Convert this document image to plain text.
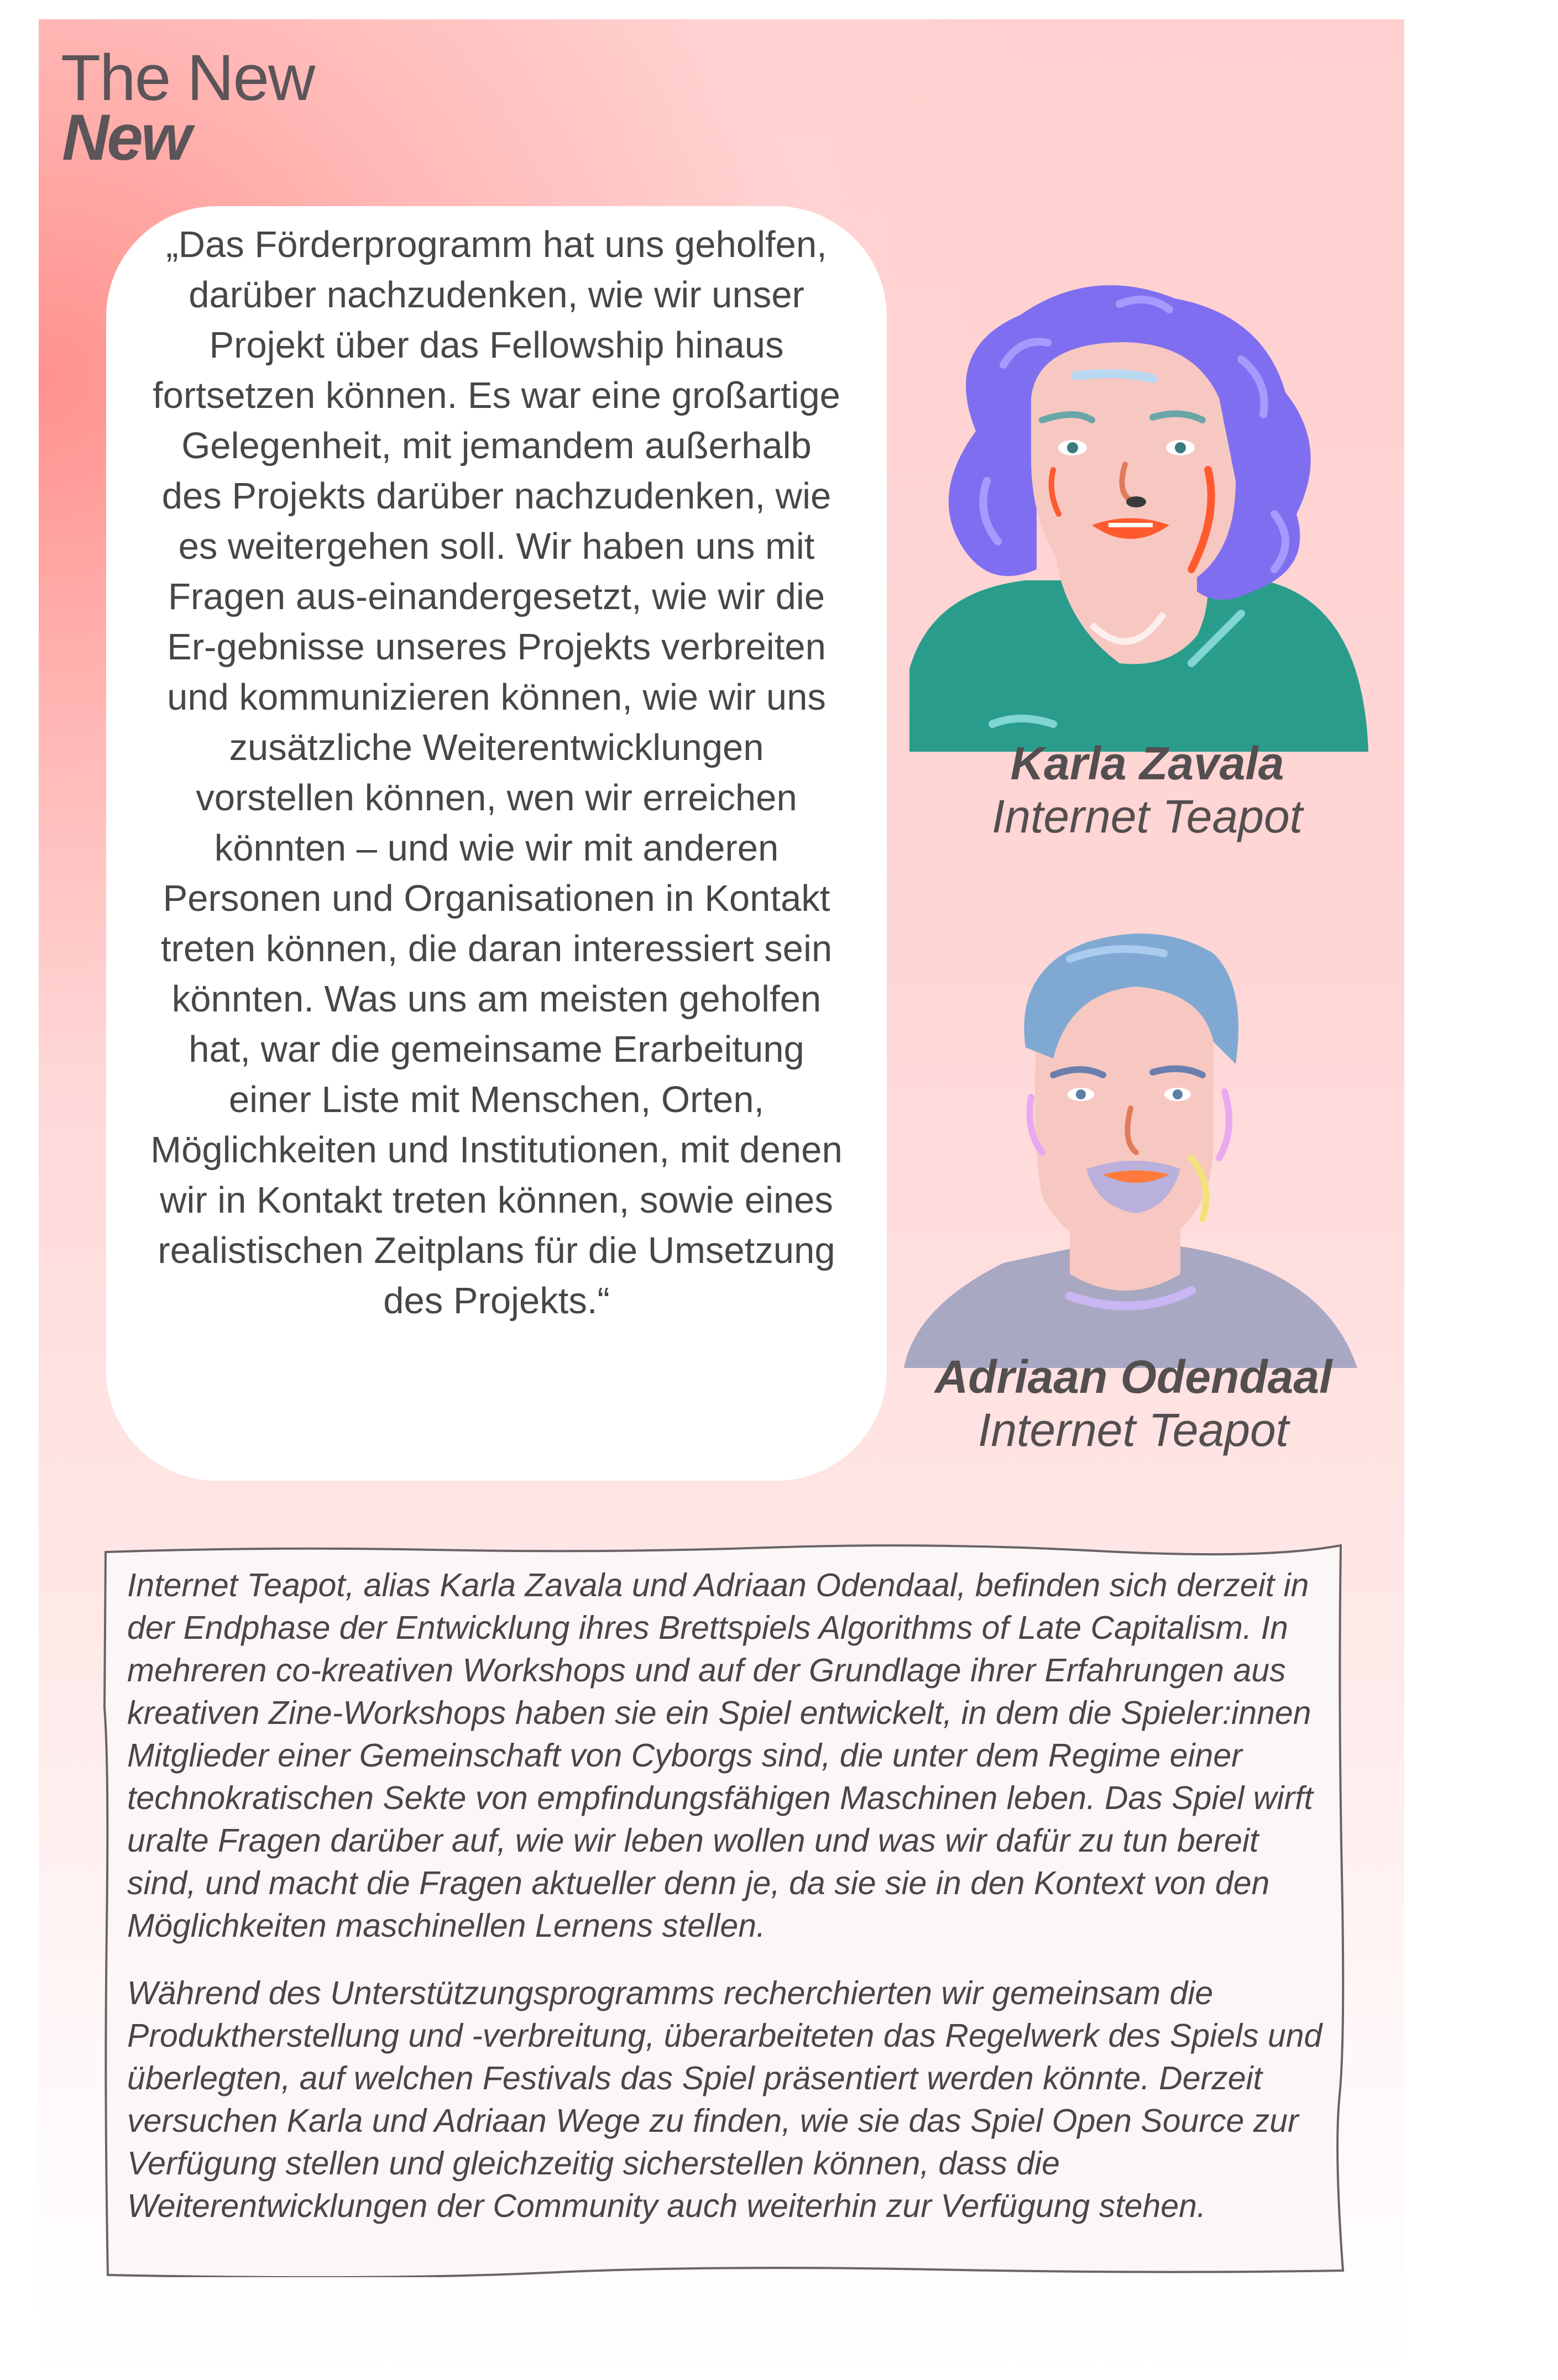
The New
New
„Das Förderprogramm hat uns geholfen, darüber nachzudenken, wie wir unser Projekt über das Fellowship hinaus fortsetzen können. Es war eine großartige Gelegenheit, mit jemandem außerhalb des Projekts darüber nachzudenken, wie es weitergehen soll. Wir haben uns mit Fragen aus-einandergesetzt, wie wir die Er-gebnisse unseres Projekts verbreiten und kommunizieren können, wie wir uns zusätzliche Weiterentwicklungen vorstellen können, wen wir erreichen könnten – und wie wir mit anderen Personen und Organisationen in Kontakt treten können, die daran interessiert sein könnten. Was uns am meisten geholfen hat, war die gemeinsame Erarbeitung einer Liste mit Menschen, Orten, Möglichkeiten und Institutionen, mit denen wir in Kontakt treten können, sowie eines realistischen Zeitplans für die Umsetzung des Projekts.“
Karla Zavala
Internet Teapot
Adriaan Odendaal
Internet Teapot

Internet Teapot, alias Karla Zavala und Adriaan Odendaal, befinden sich derzeit in der Endphase der Entwicklung ihres Brettspiels Algorithms of Late Capitalism. In mehreren co-kreativen Workshops und auf der Grundlage ihrer Erfahrungen aus kreativen Zine-Workshops haben sie ein Spiel entwickelt, in dem die Spieler:innen Mitglieder einer Gemeinschaft von Cyborgs sind, die unter dem Regime einer technokratischen Sekte von empfindungsfähigen Maschinen leben. Das Spiel wirft uralte Fragen darüber auf, wie wir leben wollen und was wir dafür zu tun bereit sind, und macht die Fragen aktueller denn je, da sie sie in den Kontext von den Möglichkeiten maschinellen Lernens stellen.

Während des Unterstützungsprogramms recherchierten wir gemeinsam die Produktherstellung und -verbreitung, überarbeiteten das Regelwerk des Spiels und überlegten, auf welchen Festivals das Spiel präsentiert werden könnte. Derzeit versuchen Karla und Adriaan Wege zu finden, wie sie das Spiel Open Source zur Verfügung stellen und gleichzeitig sicherstellen können, dass die Weiterentwicklungen der Community auch weiterhin zur Verfügung stehen.
